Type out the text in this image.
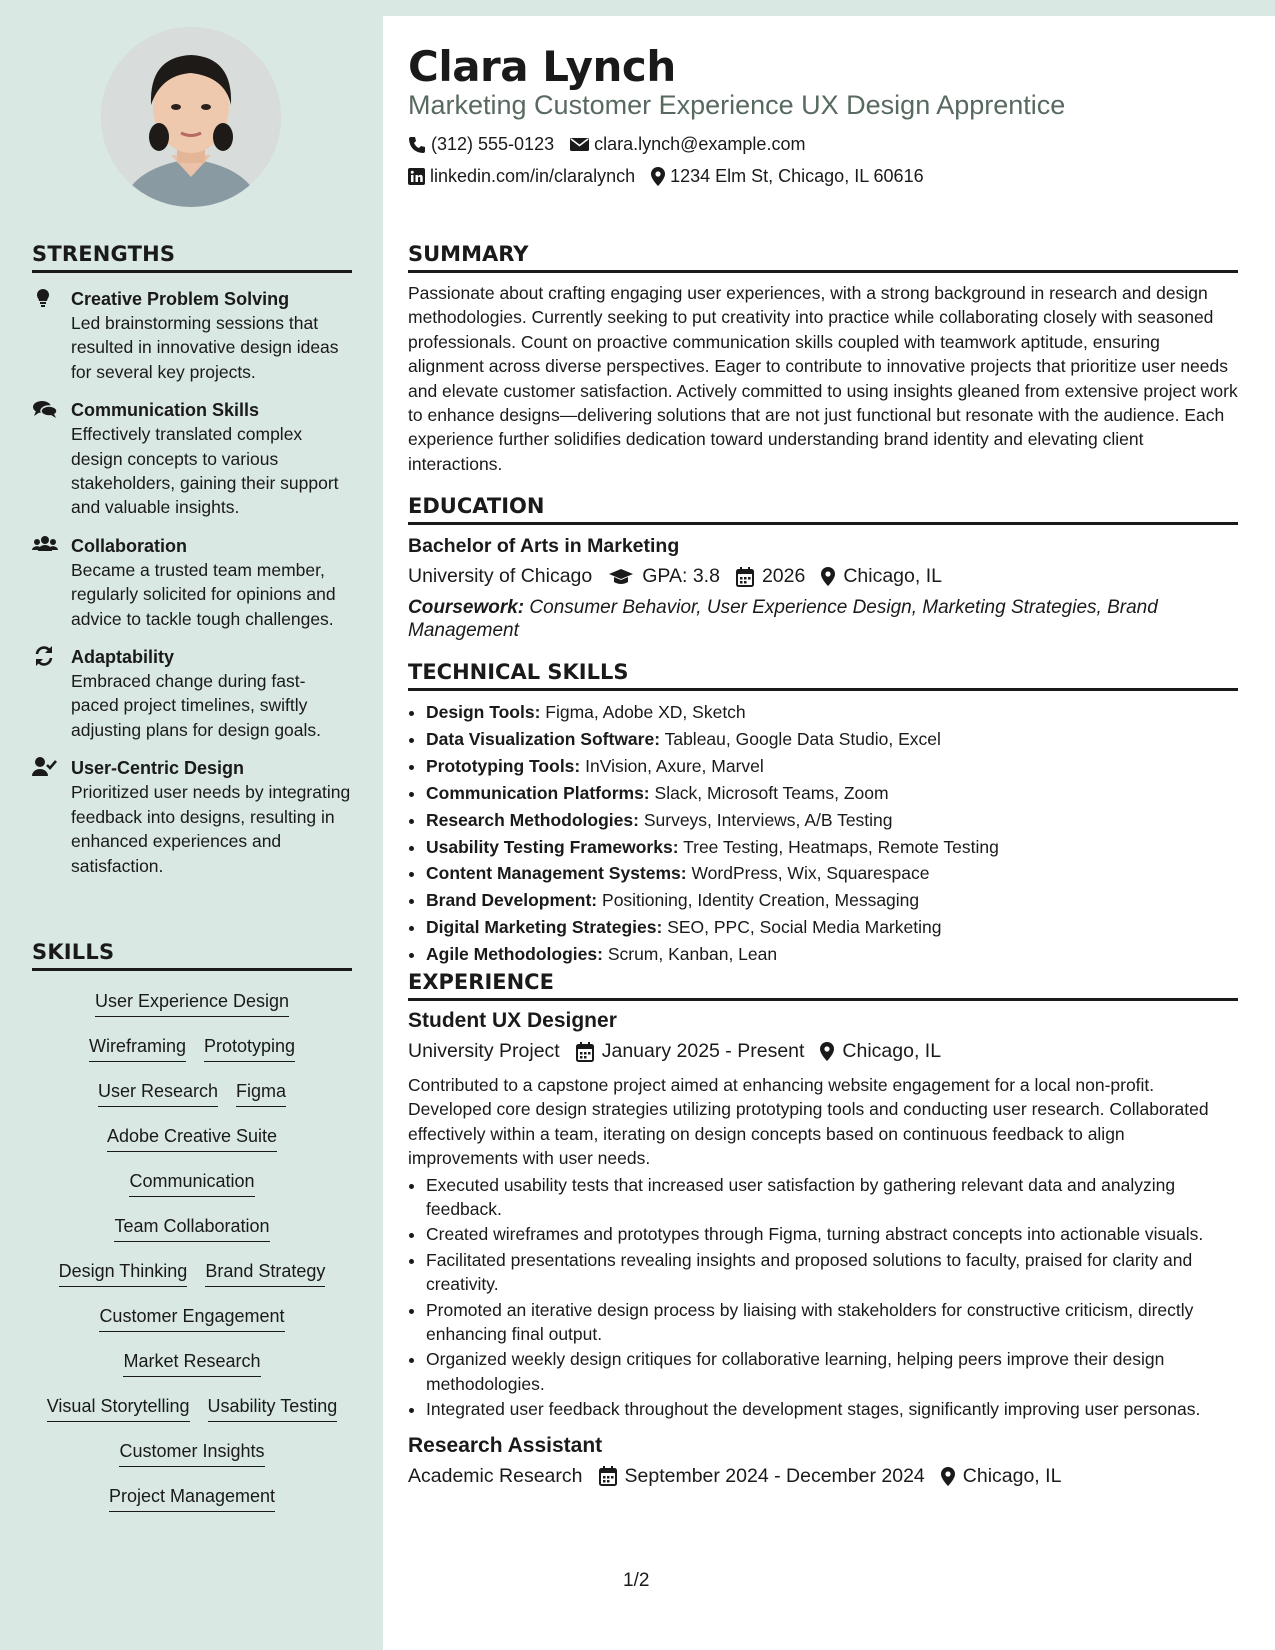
STRENGTHS
Creative Problem Solving
Led brainstorming sessions that resulted in innovative design ideas for several key projects.
Communication Skills
Effectively translated complex design concepts to various stakeholders, gaining their support and valuable insights.
Collaboration
Became a trusted team member, regularly solicited for opinions and advice to tackle tough challenges.
Adaptability
Embraced change during fast-paced project timelines, swiftly adjusting plans for design goals.
User-Centric Design
Prioritized user needs by integrating feedback into designs, resulting in enhanced experiences and satisfaction.
SKILLS
User Experience Design
Wireframing Prototyping
User Research Figma
Adobe Creative Suite
Communication
Team Collaboration
Design Thinking Brand Strategy
Customer Engagement
Market Research
Visual Storytelling Usability Testing
Customer Insights
Project Management
Clara Lynch
Marketing Customer Experience UX Design Apprentice
(312) 555-0123 clara.lynch@example.com
linkedin.com/in/claralynch 1234 Elm St, Chicago, IL 60616
SUMMARY
Passionate about crafting engaging user experiences, with a strong background in research and design methodologies. Currently seeking to put creativity into practice while collaborating closely with seasoned professionals. Count on proactive communication skills coupled with teamwork aptitude, ensuring alignment across diverse perspectives. Eager to contribute to innovative projects that prioritize user needs and elevate customer satisfaction. Actively committed to using insights gleaned from extensive project work to enhance designs—delivering solutions that are not just functional but resonate with the audience. Each experience further solidifies dedication toward understanding brand identity and elevating client interactions.
EDUCATION
Bachelor of Arts in Marketing
University of Chicago	GPA: 3.8 2026 Chicago, IL
Coursework: Consumer Behavior, User Experience Design, Marketing Strategies, Brand Management
TECHNICAL SKILLS
• Design Tools: Figma, Adobe XD, Sketch
• Data Visualization Software: Tableau, Google Data Studio, Excel
• Prototyping Tools: InVision, Axure, Marvel
• Communication Platforms: Slack, Microsoft Teams, Zoom
• Research Methodologies: Surveys, Interviews, A/B Testing
• Usability Testing Frameworks: Tree Testing, Heatmaps, Remote Testing
• Content Management Systems: WordPress, Wix, Squarespace
• Brand Development: Positioning, Identity Creation, Messaging
• Digital Marketing Strategies: SEO, PPC, Social Media Marketing
• Agile Methodologies: Scrum, Kanban, Lean
EXPERIENCE
Student UX Designer
University Project January 2025 - Present Chicago, IL
Contributed to a capstone project aimed at enhancing website engagement for a local non-profit. Developed core design strategies utilizing prototyping tools and conducting user research. Collaborated effectively within a team, iterating on design concepts based on continuous feedback to align improvements with user needs.
• Executed usability tests that increased user satisfaction by gathering relevant data and analyzing feedback.
• Created wireframes and prototypes through Figma, turning abstract concepts into actionable visuals.
• Facilitated presentations revealing insights and proposed solutions to faculty, praised for clarity and creativity.
• Promoted an iterative design process by liaising with stakeholders for constructive criticism, directly enhancing final output.
• Organized weekly design critiques for collaborative learning, helping peers improve their design methodologies.
• Integrated user feedback throughout the development stages, significantly improving user personas.
Research Assistant
Academic Research September 2024 - December 2024 Chicago, IL
1/2
